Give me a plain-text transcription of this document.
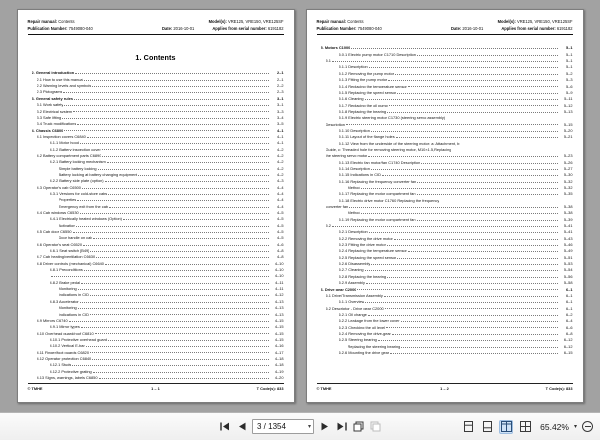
Repair manual: Contents	Model(s): VRE125, VRE150, VRE125SF
Publication Number: 7549080-040	Date: 2016-10-01	Applies from serial number: 6191182
1. Contents
2. General introduction	2–1
2.1 How to use this manual	2–1
2.2 Warning levels and symbols	2–2
2.3 Pictograms	2–3
3. General safety rules	3–1
3.1 Work safety	3–1
3.2 Electrical system	3–3
3.3 Safe lifting	3–4
3.4 Truck modifications	3–5
4. Chassis C6800	4–1
4.1 Inspection covers C6840	4–1
4.1.1 Motor hood	4–1
4.1.2 Battery inspection cover	4–2
4.2 Battery compartment parts C6890	4–2
4.2.1 Battery locking mechanism	4–2
Simple battery locking	4–2
Battery locking at battery changing equipment	4–2
4.2.2 Battery side plate (option)	4–3
4.3 Operator's cab C6500	4–4
4.3.1 Versions for cold-store cabs	4–4
Properties	4–4
Emergency exit from the cab	4–4
4.4 Cab windows C6530	4–5
4.4.1 Electrically heated windows (Option)	4–5
Activation	4–5
4.5 Cab door C6550	4–5
Door handle on cab	4–5
4.6 Operator's seat C6520	4–6
4.6.1 Seat switch [B49]	4–8
4.7 Cab heating/ventilation C6630	4–8
4.8 Driver controls (mechanical) C6640	4–10
4.8.1 Preconditions	4–10
4–10
4.8.2 Brake pedal	4–11
Monitoring	4–11
Indications in CID	4–12
4.8.3 Accelerator	4–13
Monitoring	4–13
Indications in CID	4–13
4.9 Mirrors C6740	4–15
4.9.1 Mirror types	4–15
4.10 Overhead guard/roof C6810	4–15
4.10.1 Protective overhead guard	4–15
4.10.2 Vertical E-bar	4–16
4.11 Finger/foot guards C6820	4–17
4.12 Operator protection C6840	4–18
4.12.1 Studs	4–18
4.12.2 Protective grating	4–19
4.13 Signs, warnings, labels C6850	4–20
© TMHE	1 – 1	T Code(s): 833
Repair manual: Contents	Model(s): VRE125, VRE150, VRE125SF
Publication Number: 7549080-040	Date: 2016-10-01	Applies from serial number: 6191182
5. Motors C1000	5–1
5.0.1 Electric pump motor C1710 Description	5–1
5.1	5–1
5.1.1 Description	5–1
5.1.2 Removing the pump motor	5–2
5.1.3 Fitting the pump motor	5–3
5.1.4 Replacing the temperature sensor	5–6
5.1.5 Replacing the speed sensor	5–9
5.1.6 Cleaning	5–11
5.1.7 Replacing the oil pump	5–12
5.1.8 Replacing the bearing	5–13
5.1.9 Electric steering motor C1730 (steering servo assembly)
Description	5–15
5.1.10 Description	5–20
5.1.11 Layout of the flange holes	5–21
5.1.12 View from the underside of the steering motor: a: Attachment, b:
Guide, c: Threaded hole for removing steering motor, M10×1.5,Replacing
the steering servo motor	5–23
5.1.13 Electric fan motor/fan C1740 Description	5–26
5.1.14 Description	5–27
5.1.15 Indications in CID	5–30
5.1.16 Replacing the frequency converter fan	5–32
Method	5–32
5.1.17 Replacing the motor compartment fan	5–35
5.1.18 Electric drive motor C1760 Replacing the frequency
converter fan	5–38
Method	5–38
5.1.19 Replacing the motor compartment fan	5–39
5.2	5–41
5.2.1 Description	5–41
5.2.2 Removing the drive motor	5–43
5.2.3 Fitting the drive motor	5–46
5.2.4 Replacing the temperature sensor	5–49
5.2.5 Replacing the speed sensor	5–51
5.2.6 Disassembly	5–53
5.2.7 Cleaning	5–54
5.2.8 Replacing the bearing	5–56
5.2.9 Assembly	5–58
6. Drive gear C2000	6–1
6.1 Drive/Transmission Assembly	6–1
6.1.1 Overview	6–1
6.2 Descriptor - Drive gear C2000	6–1
6.2.1 Oil change	6–2
6.2.2 Leakage from the lower cover	6–4
6.2.3 Checking the oil level	6–6
6.2.4 Removing the drive-gear	6–8
6.2.5 Steering bearing	6–12
Replacing the steering bearing	6–12
6.2.6 Mounting the drive gear	6–15
© TMHE	1 – 2	T Code(s): 833
3 / 1354	▾	65.42% ▾
